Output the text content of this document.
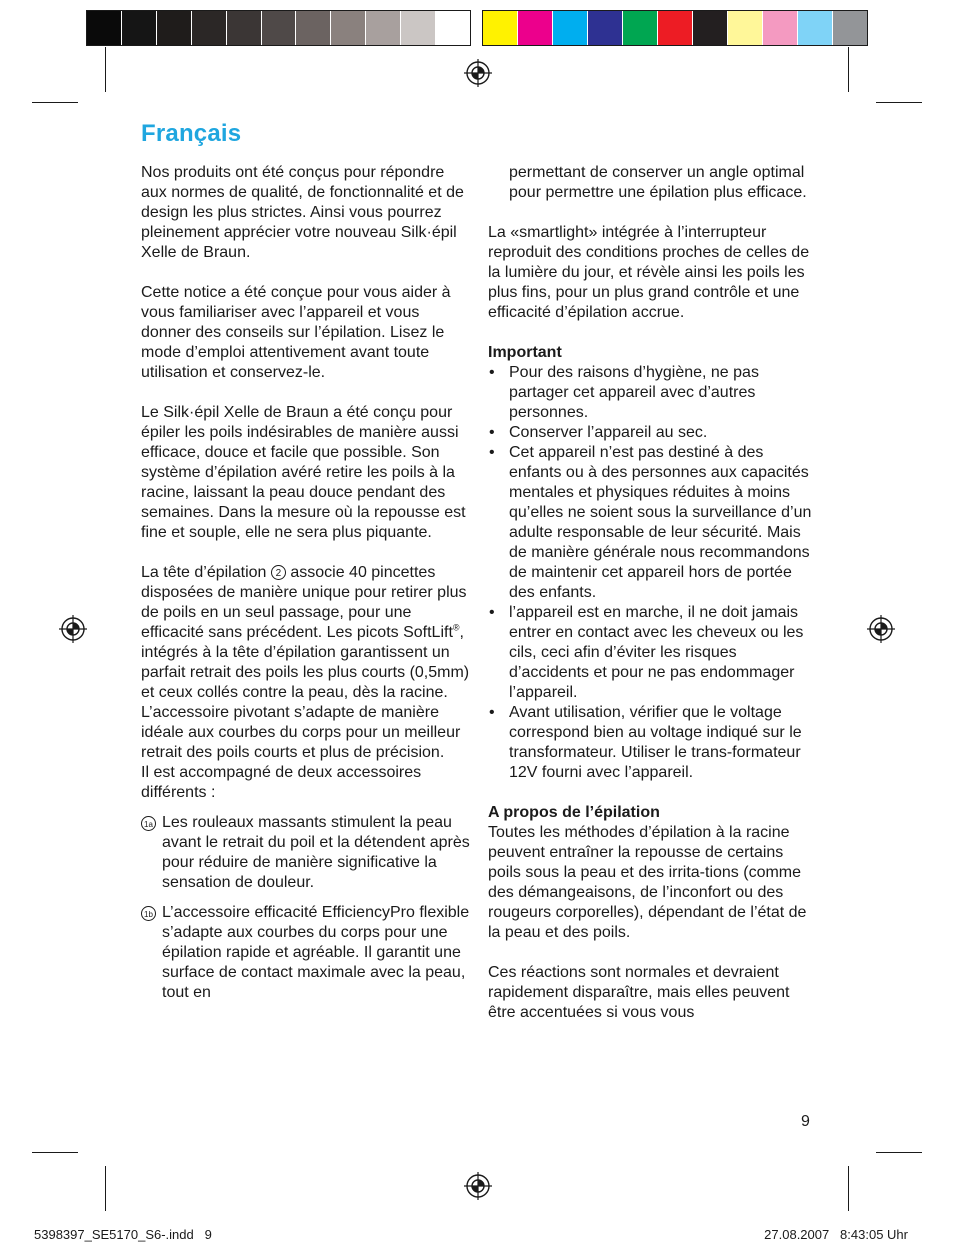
Français

Nos produits ont été conçus pour répondre aux normes de qualité, de fonctionnalité et de design les plus strictes. Ainsi vous pourrez pleinement apprécier votre nouveau Silk·épil Xelle de Braun.

Cette notice a été conçue pour vous aider à vous familiariser avec l’appareil et vous donner des conseils sur l’épilation. Lisez le mode d’emploi attentivement avant toute utilisation et conservez-le.

Le Silk·épil Xelle de Braun a été conçu pour épiler les poils indésirables de manière aussi efficace, douce et facile que possible. Son système d’épilation avéré retire les poils à la racine, laissant la peau douce pendant des semaines. Dans la mesure où la repousse est fine et souple, elle ne sera plus piquante.

La tête d’épilation 2 associe 40 pincettes disposées de manière unique pour retirer plus de poils en un seul passage, pour une efficacité sans précédent. Les picots SoftLift®, intégrés à la tête d’épilation garantissent un parfait retrait des poils les plus courts (0,5mm) et ceux collés contre la peau, dès la racine.

L’accessoire pivotant s’adapte de manière idéale aux courbes du corps pour un meilleur retrait des poils courts et plus de précision.

Il est accompagné de deux accessoires différents :

1a Les rouleaux massants stimulent la peau avant le retrait du poil et la détendent après pour réduire de manière significative la sensation de douleur.
1b L’accessoire efficacité EfficiencyPro flexible s’adapte aux courbes du corps pour une épilation rapide et agréable. Il garantit une surface de contact maximale avec la peau, tout en

permettant de conserver un angle optimal pour permettre une épilation plus efficace.

La «smartlight» intégrée à l’interrupteur reproduit des conditions proches de celles de la lumière du jour, et révèle ainsi les poils les plus fins, pour un plus grand contrôle et une efficacité d’épilation accrue.

Important
• Pour des raisons d’hygiène, ne pas partager cet appareil avec d’autres personnes.
• Conserver l’appareil au sec.
• Cet appareil n’est pas destiné à des enfants ou à des personnes aux capacités mentales et physiques réduites à moins qu’elles ne soient sous la surveillance d’un adulte responsable de leur sécurité. Mais de manière générale nous recommandons de maintenir cet appareil hors de portée des enfants.
• l’appareil est en marche, il ne doit jamais entrer en contact avec les cheveux ou les cils, ceci afin d’éviter les risques d’accidents et pour ne pas endommager l’appareil.
• Avant utilisation, vérifier que le voltage correspond bien au voltage indiqué sur le transformateur. Utiliser le trans-formateur 12V fourni avec l’appareil.
A propos de l’épilation

Toutes les méthodes d’épilation à la racine peuvent entraîner la repousse de certains poils sous la peau et des irrita-tions (comme des démangeaisons, de l’inconfort ou des rougeurs corporelles), dépendant de l’état de la peau et des poils.

Ces réactions sont normales et devraient rapidement disparaître, mais elles peuvent être accentuées si vous vous

9
5398397_SE5170_S6-.indd   9	27.08.2007   8:43:05 Uhr
